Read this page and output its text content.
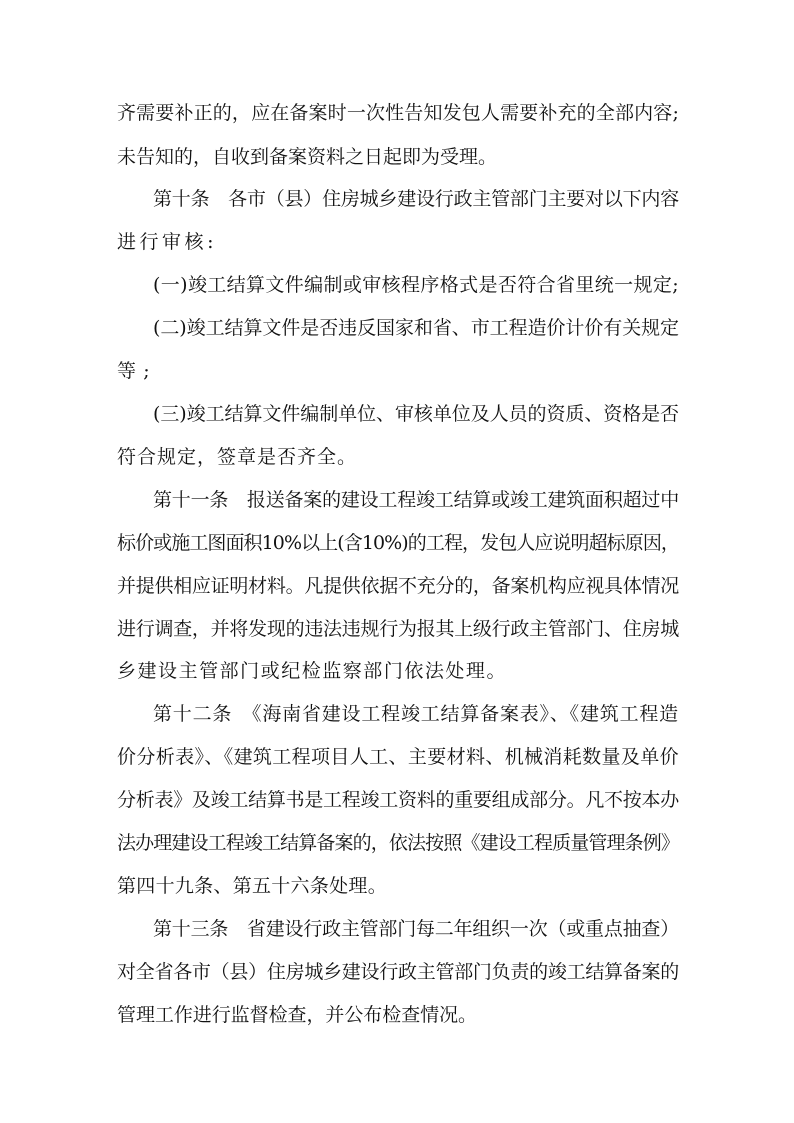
齐需要补正的，应在备案时一次性告知发包人需要补充的全部内容;
未告知的，自收到备案资料之日起即为受理。
第十条　各市（县）住房城乡建设行政主管部门主要对以下内容
进行审核:
(一)竣工结算文件编制或审核程序格式是否符合省里统一规定;
(二)竣工结算文件是否违反国家和省、市工程造价计价有关规定
等;
(三)竣工结算文件编制单位、审核单位及人员的资质、资格是否
符合规定，签章是否齐全。
第十一条　报送备案的建设工程竣工结算或竣工建筑面积超过中
标价或施工图面积10%以上(含10%)的工程，发包人应说明超标原因，
并提供相应证明材料。凡提供依据不充分的，备案机构应视具体情况
进行调查，并将发现的违法违规行为报其上级行政主管部门、住房城
乡建设主管部门或纪检监察部门依法处理。
第十二条　《海南省建设工程竣工结算备案表》、《建筑工程造
价分析表》、《建筑工程项目人工、主要材料、机械消耗数量及单价
分析表》及竣工结算书是工程竣工资料的重要组成部分。凡不按本办
法办理建设工程竣工结算备案的，依法按照《建设工程质量管理条例》
第四十九条、第五十六条处理。
第十三条　省建设行政主管部门每二年组织一次（或重点抽查）
对全省各市（县）住房城乡建设行政主管部门负责的竣工结算备案的
管理工作进行监督检查，并公布检查情况。
